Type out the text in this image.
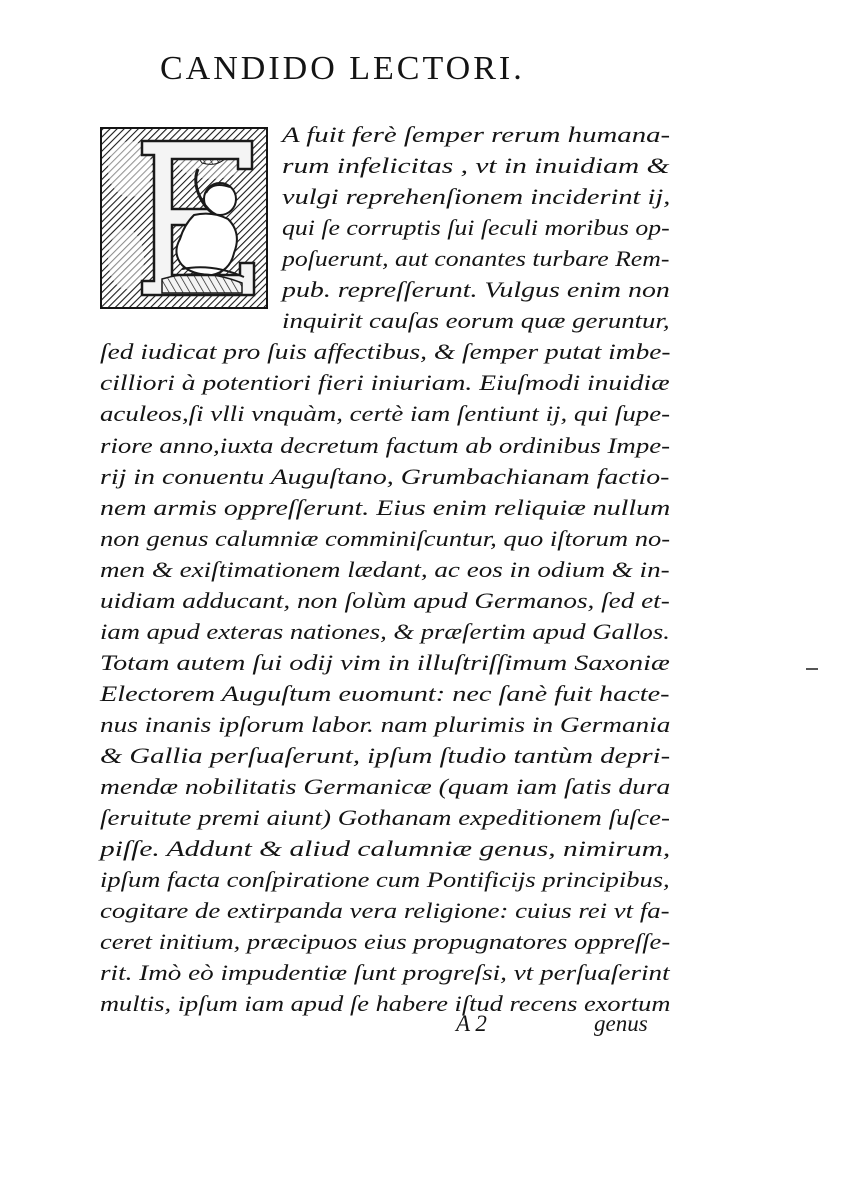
CANDIDO LECTORI.
A fuit ferè ſemper rerum humana-
rum infelicitas , vt in inuidiam &
vulgi reprehenſionem inciderint ij,
qui ſe corruptis ſui ſeculi moribus op-
poſuerunt, aut conantes turbare Rem-
pub. repreſſerunt. Vulgus enim non
inquirit cauſas eorum quæ geruntur,
ſed iudicat pro ſuis affectibus, & ſemper putat imbe-
cilliori à potentiori fieri iniuriam. Eiuſmodi inuidiæ
aculeos,ſi vlli vnquàm, certè iam ſentiunt ij, qui ſupe-
riore anno,iuxta decretum factum ab ordinibus Impe-
rij in conuentu Auguſtano, Grumbachianam factio-
nem armis oppreſſerunt. Eius enim reliquiæ nullum
non genus calumniæ comminiſcuntur, quo iſtorum no-
men & exiſtimationem lædant, ac eos in odium & in-
uidiam adducant, non ſolùm apud Germanos, ſed et-
iam apud exteras nationes, & præſertim apud Gallos.
Totam autem ſui odij vim in illuſtriſſimum Saxoniæ
Electorem Auguſtum euomunt: nec ſanè fuit hacte-
nus inanis ipſorum labor. nam plurimis in Germania
& Gallia perſuaſerunt, ipſum ſtudio tantùm depri-
mendæ nobilitatis Germanicæ (quam iam ſatis dura
ſeruitute premi aiunt) Gothanam expeditionem ſuſce-
piſſe. Addunt & aliud calumniæ genus, nimirum,
ipſum facta conſpiratione cum Pontificijs principibus,
cogitare de extirpanda vera religione: cuius rei vt fa-
ceret initium, præcipuos eius propugnatores oppreſſe-
rit. Imò eò impudentiæ ſunt progreſsi, vt perſuaſerint
multis, ipſum iam apud ſe habere iſtud recens exortum
A 2	genus
